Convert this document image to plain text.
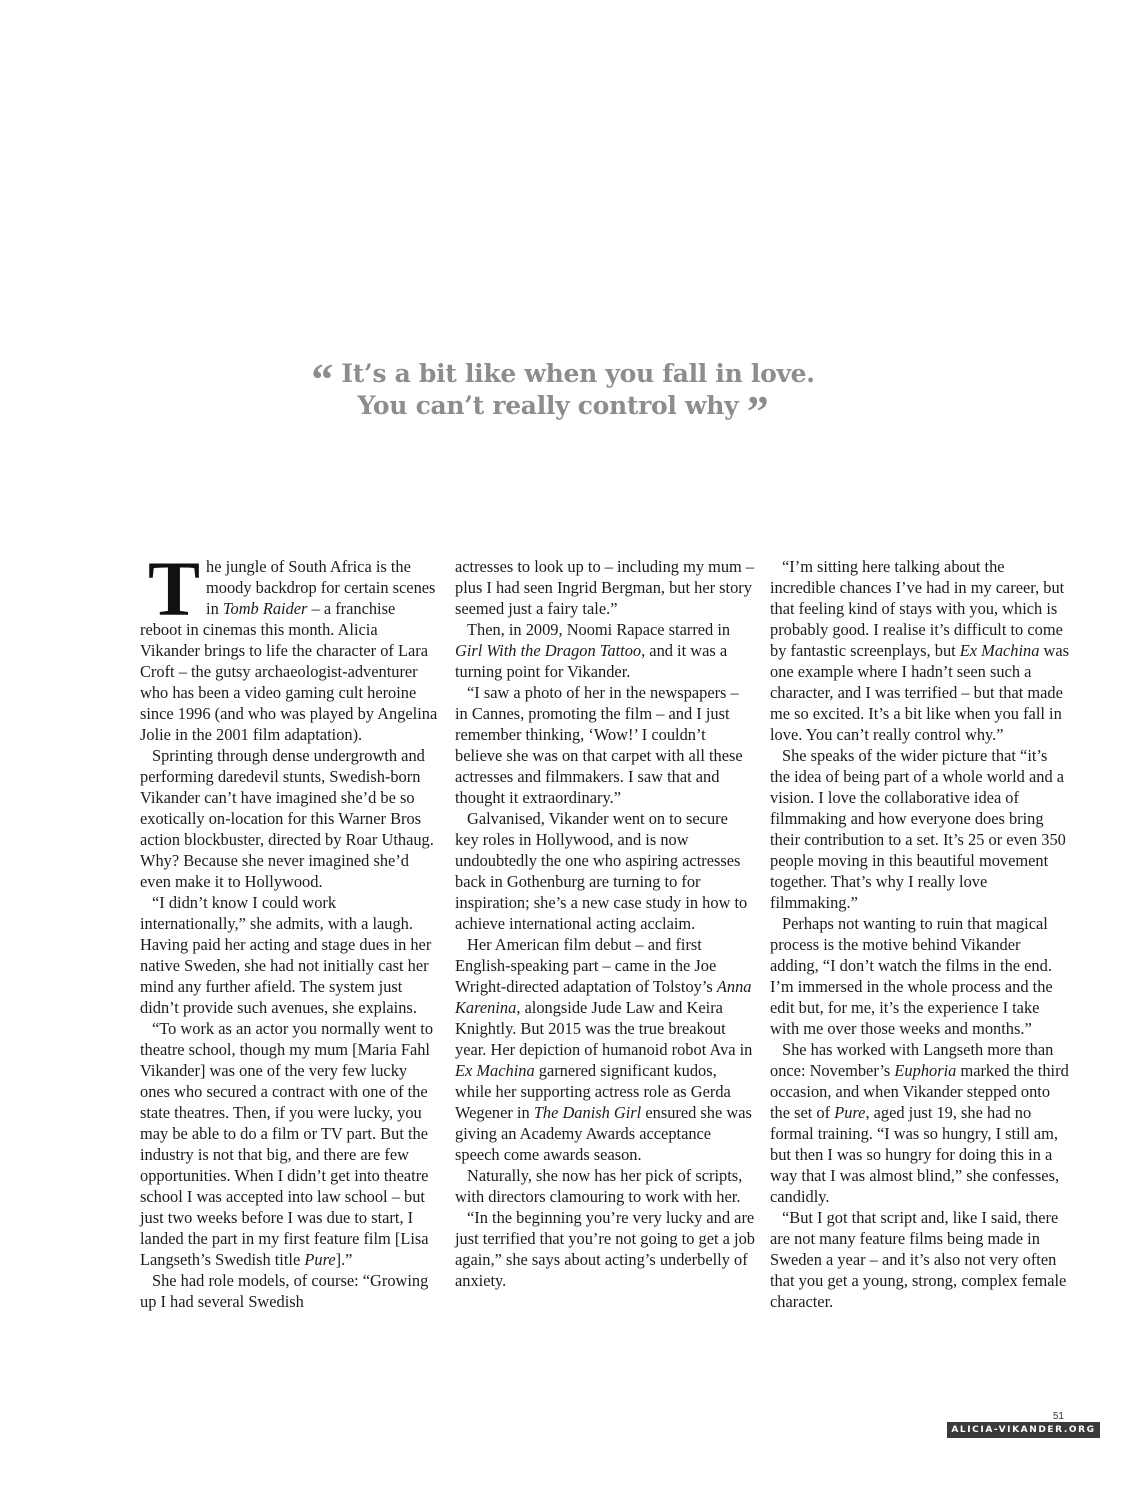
“ It’s a bit like when you fall in love.
You can’t really control why ”

The jungle of South Africa is the moody backdrop for certain scenes in Tomb Raider – a franchise reboot in cinemas this month. Alicia Vikander brings to life the character of Lara Croft – the gutsy archaeologist-adventurer who has been a video gaming cult heroine since 1996 (and who was played by Angelina Jolie in the 2001 film adaptation).

Sprinting through dense undergrowth and performing daredevil stunts, Swedish-born Vikander can’t have imagined she’d be so exotically on-location for this Warner Bros action blockbuster, directed by Roar Uthaug. Why? Because she never imagined she’d even make it to Hollywood.

“I didn’t know I could work internationally,” she admits, with a laugh. Having paid her acting and stage dues in her native Sweden, she had not initially cast her mind any further afield. The system just didn’t provide such avenues, she explains.

“To work as an actor you normally went to theatre school, though my mum [Maria Fahl Vikander] was one of the very few lucky ones who secured a contract with one of the state theatres. Then, if you were lucky, you may be able to do a film or TV part. But the industry is not that big, and there are few opportunities. When I didn’t get into theatre school I was accepted into law school – but just two weeks before I was due to start, I landed the part in my first feature film [Lisa Langseth’s Swedish title Pure].”

She had role models, of course: “Growing up I had several Swedish

actresses to look up to – including my mum – plus I had seen Ingrid Bergman, but her story seemed just a fairy tale.”

Then, in 2009, Noomi Rapace starred in Girl With the Dragon Tattoo, and it was a turning point for Vikander.

“I saw a photo of her in the newspapers – in Cannes, promoting the film – and I just remember thinking, ‘Wow!’ I couldn’t believe she was on that carpet with all these actresses and filmmakers. I saw that and thought it extraordinary.”

Galvanised, Vikander went on to secure key roles in Hollywood, and is now undoubtedly the one who aspiring actresses back in Gothenburg are turning to for inspiration; she’s a new case study in how to achieve international acting acclaim.

Her American film debut – and first English-speaking part – came in the Joe Wright-directed adaptation of Tolstoy’s Anna Karenina, alongside Jude Law and Keira Knightly. But 2015 was the true breakout year. Her depiction of humanoid robot Ava in Ex Machina garnered significant kudos, while her supporting actress role as Gerda Wegener in The Danish Girl ensured she was giving an Academy Awards acceptance speech come awards season.

Naturally, she now has her pick of scripts, with directors clamouring to work with her.

“In the beginning you’re very lucky and are just terrified that you’re not going to get a job again,” she says about acting’s underbelly of anxiety.

“I’m sitting here talking about the incredible chances I’ve had in my career, but that feeling kind of stays with you, which is probably good. I realise it’s difficult to come by fantastic screenplays, but Ex Machina was one example where I hadn’t seen such a character, and I was terrified – but that made me so excited. It’s a bit like when you fall in love. You can’t really control why.”

She speaks of the wider picture that “it’s the idea of being part of a whole world and a vision. I love the collaborative idea of filmmaking and how everyone does bring their contribution to a set. It’s 25 or even 350 people moving in this beautiful movement together. That’s why I really love filmmaking.”

Perhaps not wanting to ruin that magical process is the motive behind Vikander adding, “I don’t watch the films in the end. I’m immersed in the whole process and the edit but, for me, it’s the experience I take with me over those weeks and months.”

She has worked with Langseth more than once: November’s Euphoria marked the third occasion, and when Vikander stepped onto the set of Pure, aged just 19, she had no formal training. “I was so hungry, I still am, but then I was so hungry for doing this in a way that I was almost blind,” she confesses, candidly.

“But I got that script and, like I said, there are not many feature films being made in Sweden a year – and it’s also not very often that you get a young, strong, complex female character.

51
ALICIA-VIKANDER.ORG
